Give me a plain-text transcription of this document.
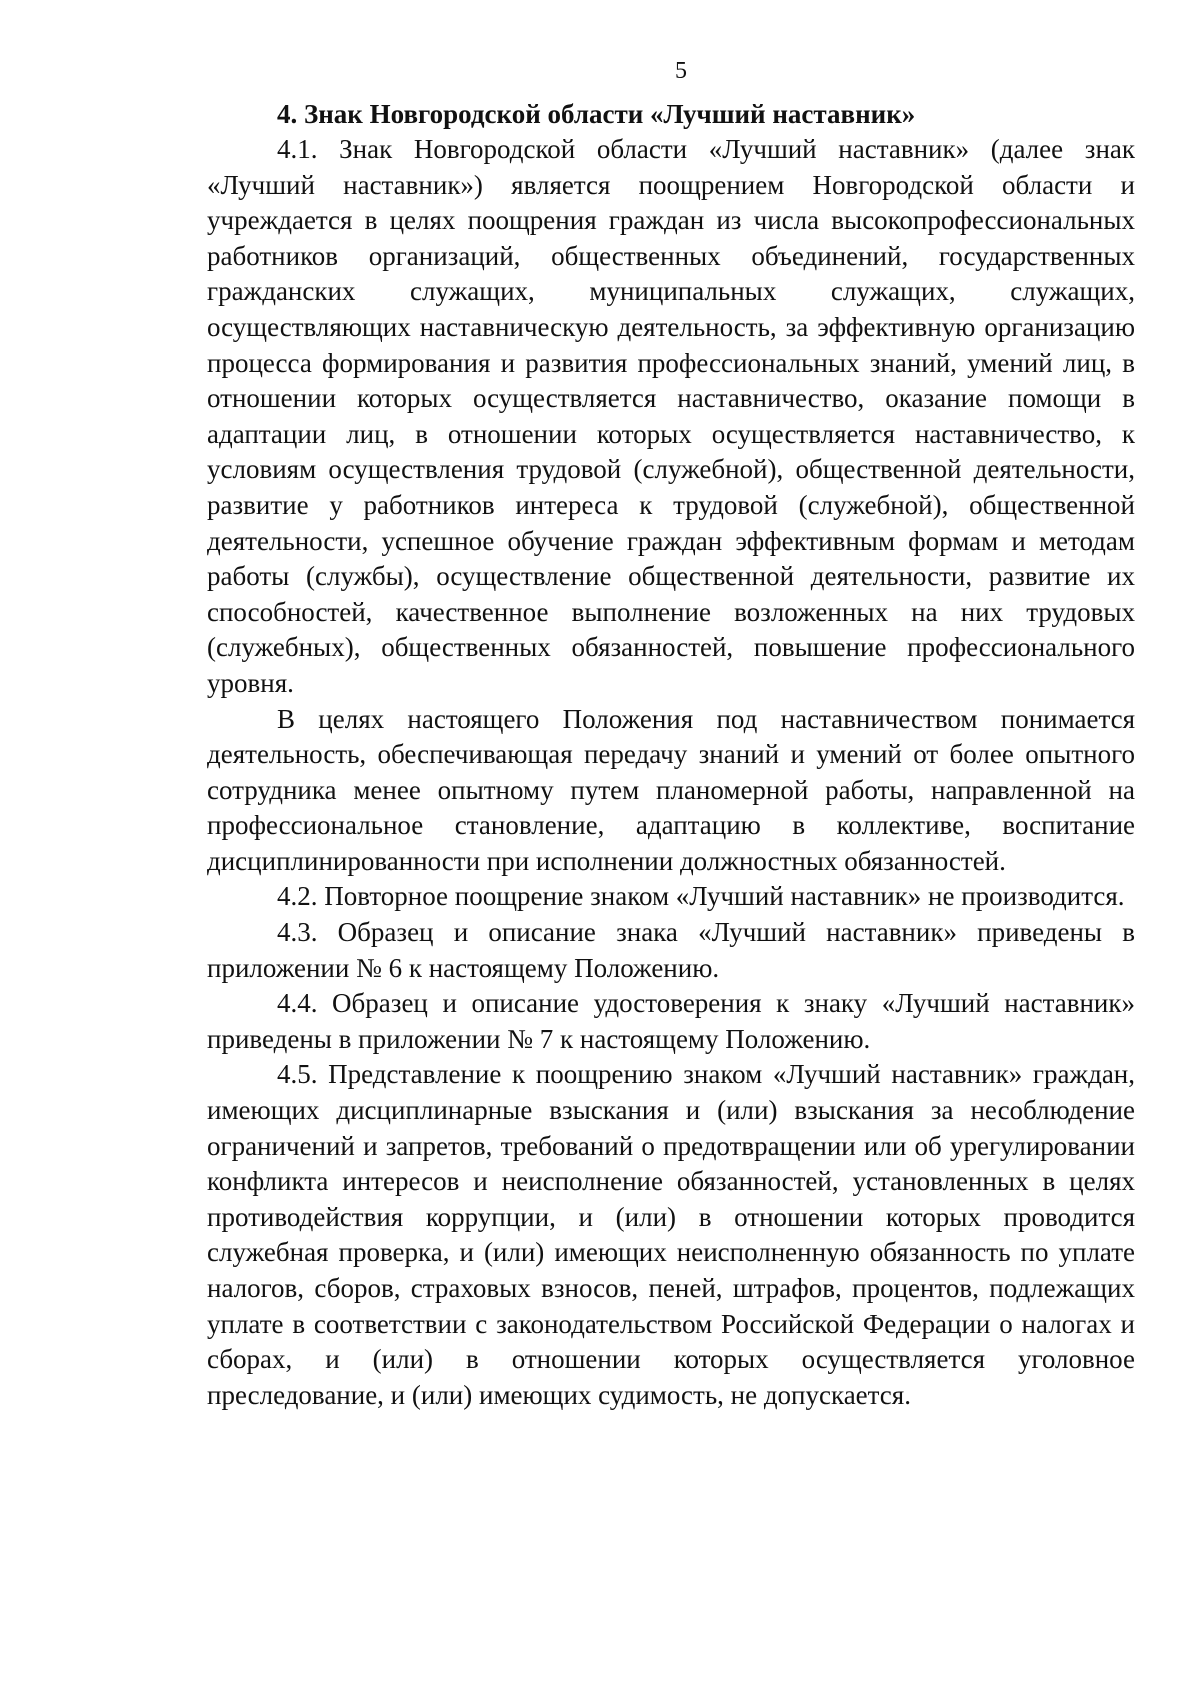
5
4. Знак Новгородской области «Лучший наставник»

4.1. Знак Новгородской области «Лучший наставник» (далее знак «Лучший наставник») является поощрением Новгородской области и учреждается в целях поощрения граждан из числа высокопрофессиональных работников организаций, общественных объединений, государственных гражданских служащих, муниципальных служащих, служащих, осуществляющих наставническую деятельность, за эффективную организацию процесса формирования и развития профессиональных знаний, умений лиц, в отношении которых осуществляется наставничество, оказание помощи в адаптации лиц, в отношении которых осуществляется наставничество, к условиям осуществления трудовой (служебной), общественной деятельности, развитие у работников интереса к трудовой (служебной), общественной деятельности, успешное обучение граждан эффективным формам и методам работы (службы), осуществление общественной деятельности, развитие их способностей, качественное выполнение возложенных на них трудовых (служебных), общественных обязанностей, повышение профессионального уровня.

В целях настоящего Положения под наставничеством понимается деятельность, обеспечивающая передачу знаний и умений от более опытного сотрудника менее опытному путем планомерной работы, направленной на профессиональное становление, адаптацию в коллективе, воспитание дисциплинированности при исполнении должностных обязанностей.

4.2. Повторное поощрение знаком «Лучший наставник» не производится.

4.3. Образец и описание знака «Лучший наставник» приведены в приложении № 6 к настоящему Положению.

4.4. Образец и описание удостоверения к знаку «Лучший наставник» приведены в приложении № 7 к настоящему Положению.

4.5. Представление к поощрению знаком «Лучший наставник» граждан, имеющих дисциплинарные взыскания и (или) взыскания за несоблюдение ограничений и запретов, требований о предотвращении или об урегулировании конфликта интересов и неисполнение обязанностей, установленных в целях противодействия коррупции, и (или) в отношении которых проводится служебная проверка, и (или) имеющих неисполненную обязанность по уплате налогов, сборов, страховых взносов, пеней, штрафов, процентов, подлежащих уплате в соответствии с законодательством Российской Федерации о налогах и сборах, и (или) в отношении которых осуществляется уголовное преследование, и (или) имеющих судимость, не допускается.
